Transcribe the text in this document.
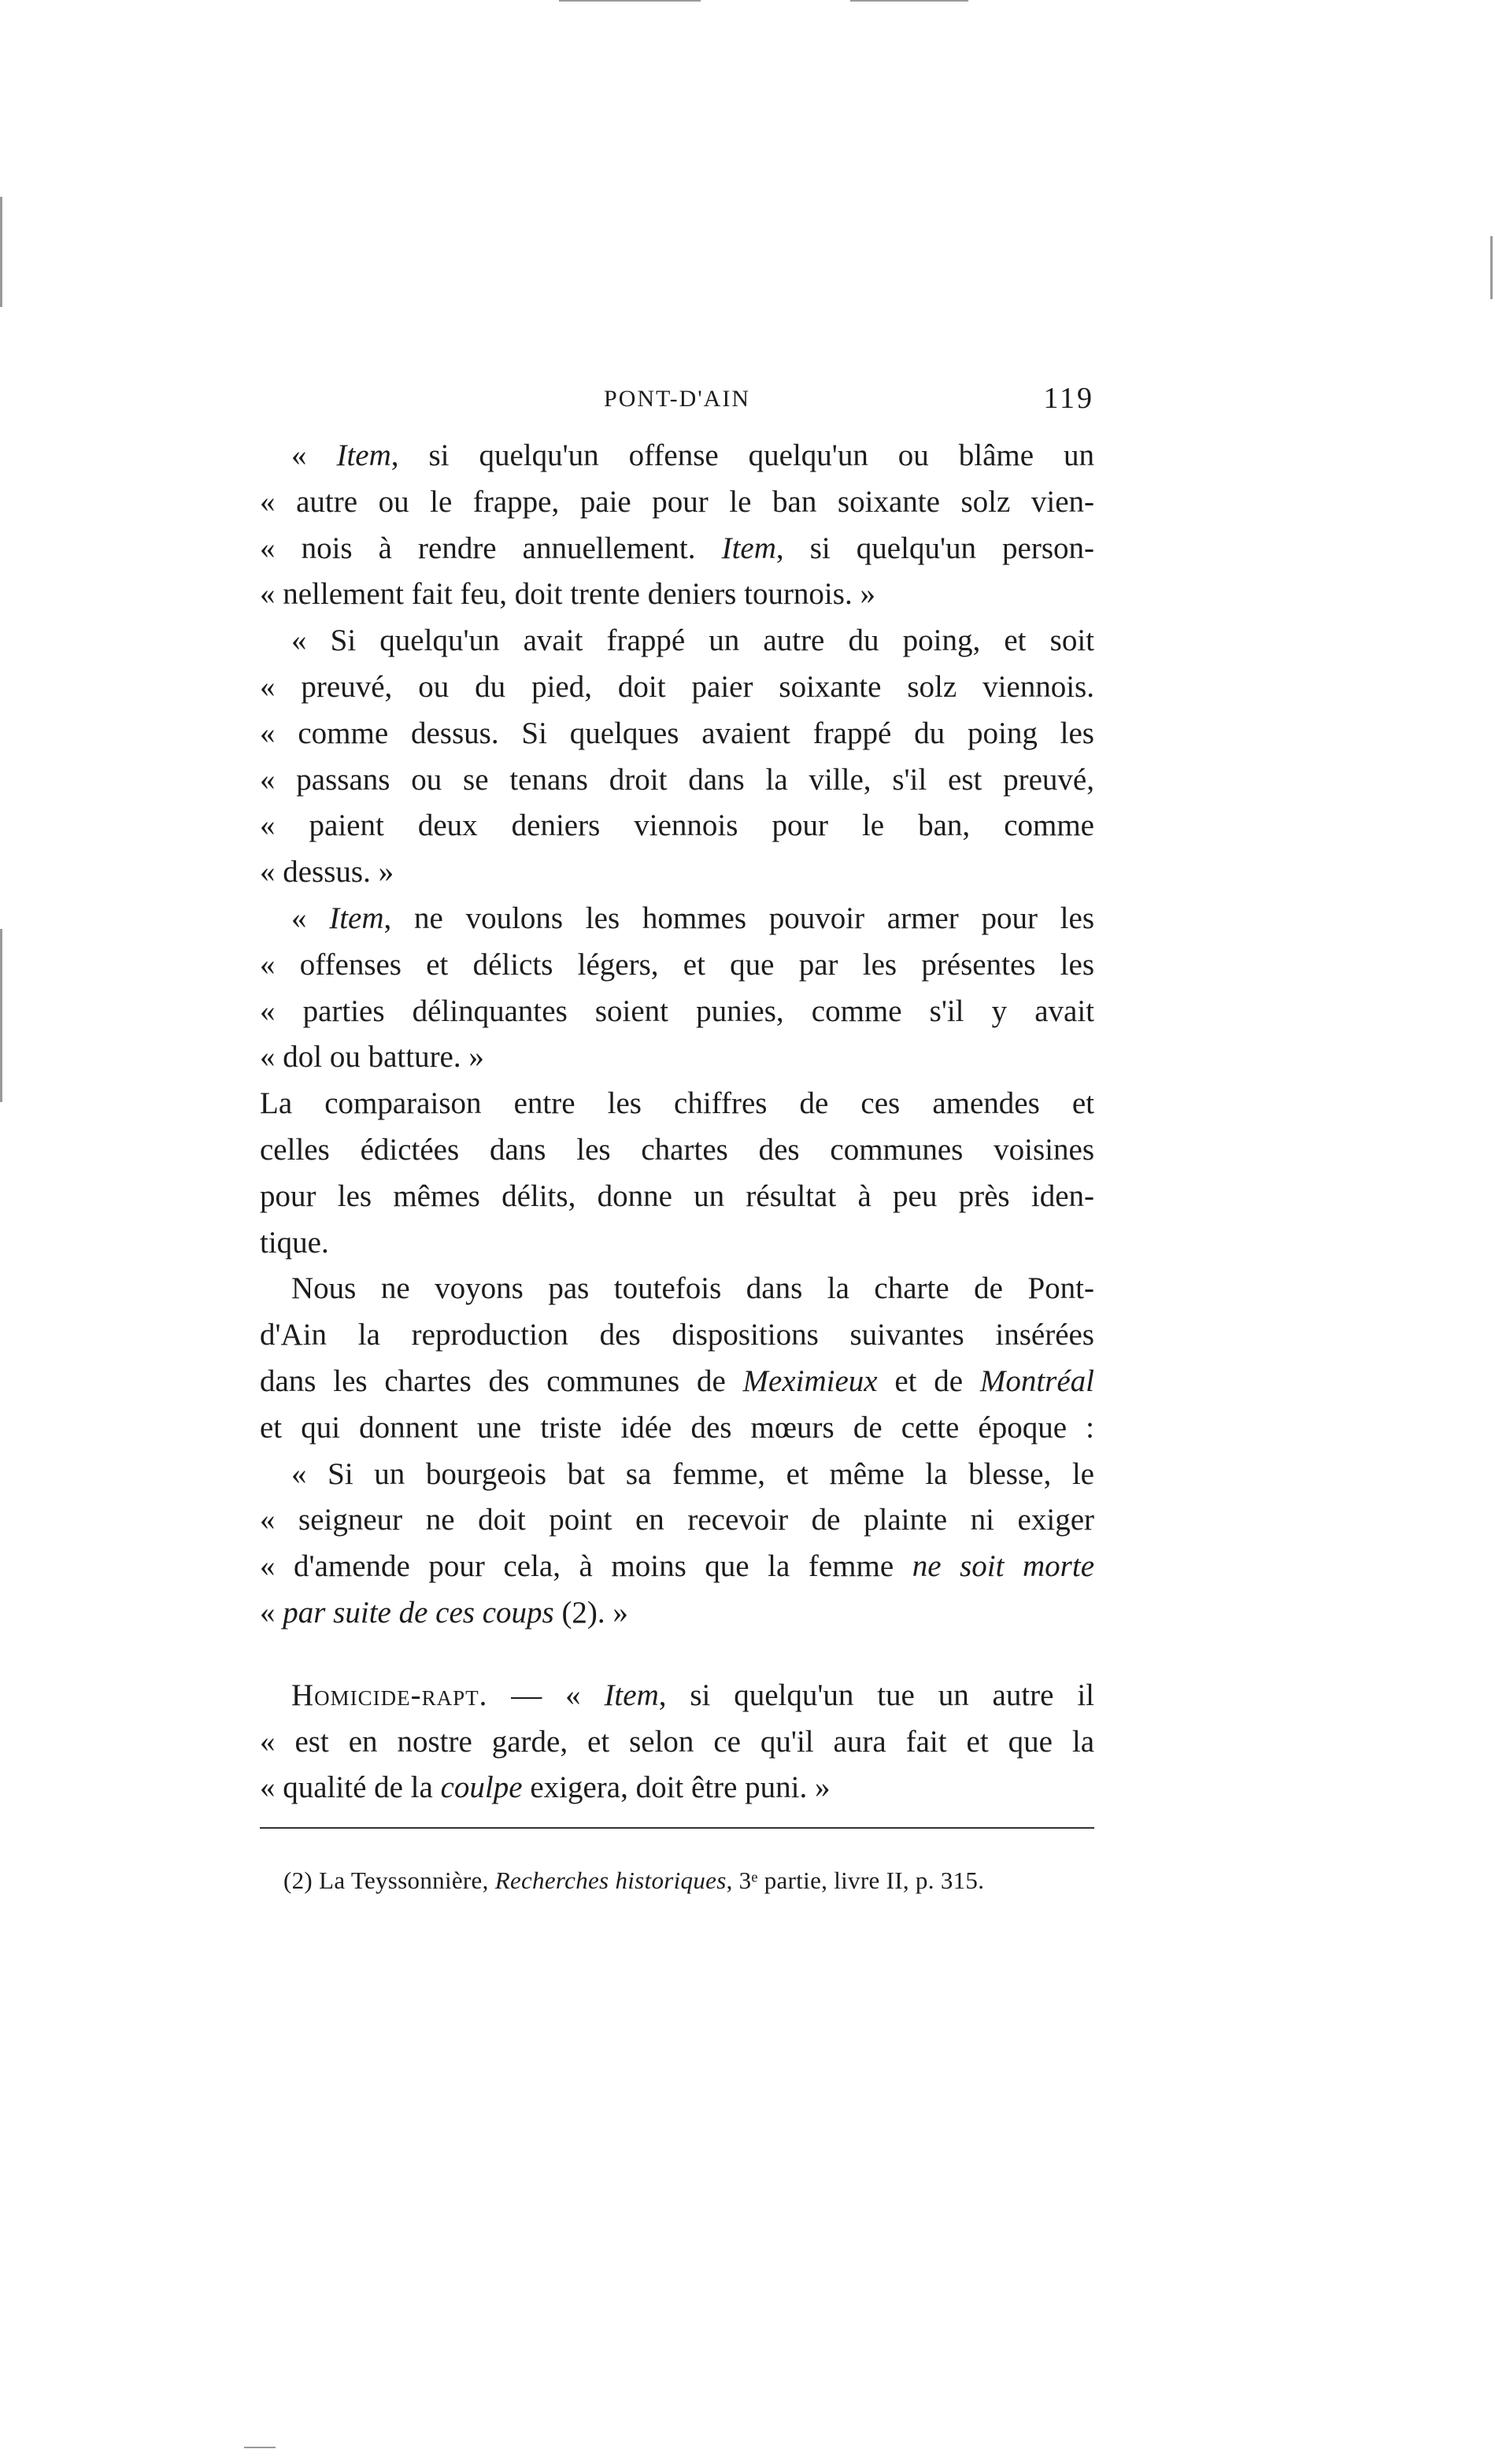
PONT-D'AIN	119
« Item, si quelqu'un offense quelqu'un ou blâme un
« autre ou le frappe, paie pour le ban soixante solz vien-
« nois à rendre annuellement. Item, si quelqu'un person-
« nellement fait feu, doit trente deniers tournois. »
« Si quelqu'un avait frappé un autre du poing, et soit
« preuvé, ou du pied, doit paier soixante solz viennois.
« comme dessus. Si quelques avaient frappé du poing les
« passans ou se tenans droit dans la ville, s'il est preuvé,
« paient deux deniers viennois pour le ban, comme
« dessus. »
« Item, ne voulons les hommes pouvoir armer pour les
« offenses et délicts légers, et que par les présentes les
« parties délinquantes soient punies, comme s'il y avait
« dol ou batture. »
La comparaison entre les chiffres de ces amendes et
celles édictées dans les chartes des communes voisines
pour les mêmes délits, donne un résultat à peu près iden-
tique.
Nous ne voyons pas toutefois dans la charte de Pont-
d'Ain la reproduction des dispositions suivantes insérées
dans les chartes des communes de Meximieux et de Montréal
et qui donnent une triste idée des mœurs de cette époque :
« Si un bourgeois bat sa femme, et même la blesse, le
« seigneur ne doit point en recevoir de plainte ni exiger
« d'amende pour cela, à moins que la femme ne soit morte
« par suite de ces coups (2). »
Homicide-rapt. — « Item, si quelqu'un tue un autre il
« est en nostre garde, et selon ce qu'il aura fait et que la
« qualité de la coulpe exigera, doit être puni. »
(2) La Teyssonnière, Recherches historiques, 3ᵉ partie, livre II, p. 315.
